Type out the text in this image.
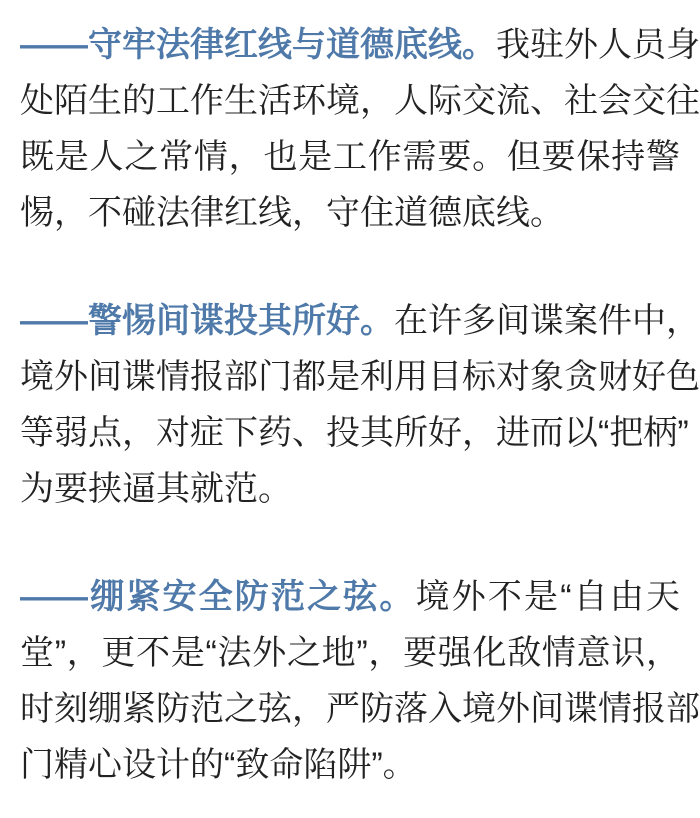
——守牢法律红线与道德底线。我驻外人员身
处陌生的工作生活环境，人际交流、社会交往
既是人之常情，也是工作需要。但要保持警
惕，不碰法律红线，守住道德底线。
——警惕间谍投其所好。在许多间谍案件中，
境外间谍情报部门都是利用目标对象贪财好色
等弱点，对症下药、投其所好，进而以“把柄”
为要挟逼其就范。
——绷紧安全防范之弦。境外不是“自由天
堂”，更不是“法外之地”，要强化敌情意识，
时刻绷紧防范之弦，严防落入境外间谍情报部
门精心设计的“致命陷阱”。
